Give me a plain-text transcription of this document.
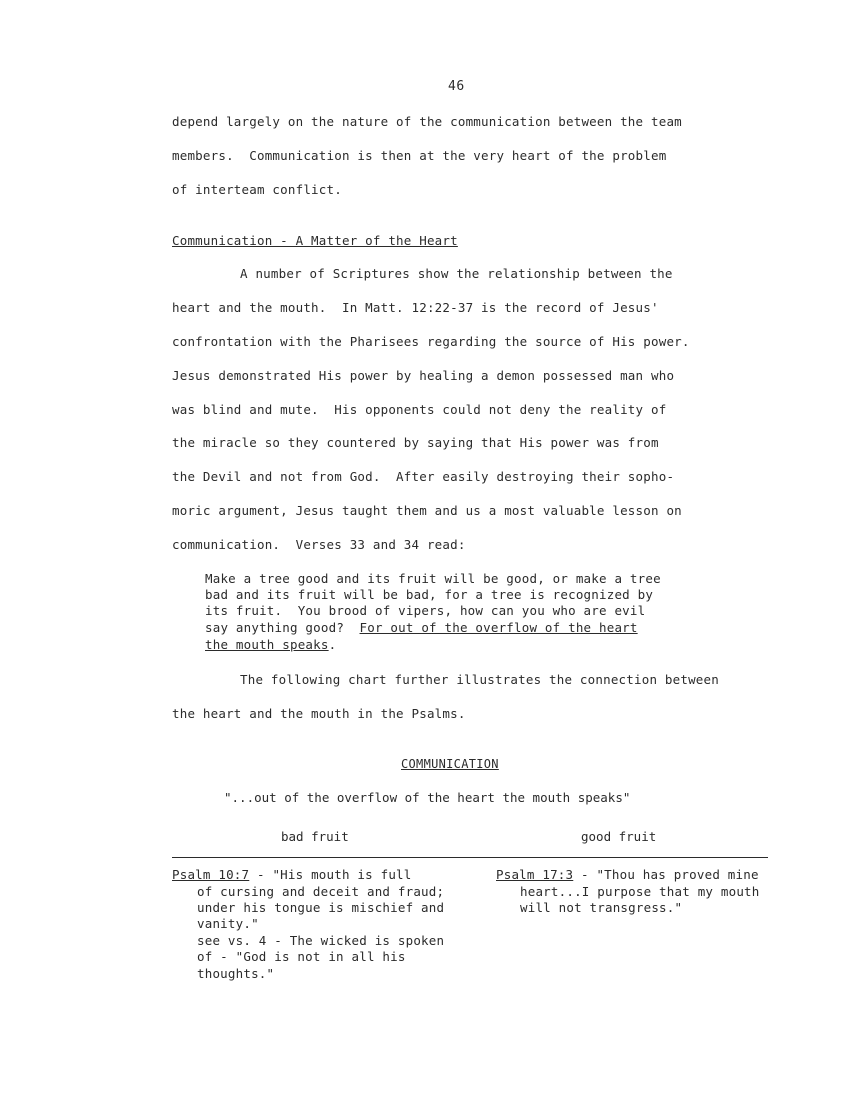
46
depend largely on the nature of the communication between the team
members.  Communication is then at the very heart of the problem
of interteam conflict.
Communication - A Matter of the Heart
A number of Scriptures show the relationship between the
heart and the mouth.  In Matt. 12:22-37 is the record of Jesus'
confrontation with the Pharisees regarding the source of His power.
Jesus demonstrated His power by healing a demon possessed man who
was blind and mute.  His opponents could not deny the reality of
the miracle so they countered by saying that His power was from
the Devil and not from God.  After easily destroying their sopho-
moric argument, Jesus taught them and us a most valuable lesson on
communication.  Verses 33 and 34 read:
Make a tree good and its fruit will be good, or make a tree
bad and its fruit will be bad, for a tree is recognized by
its fruit.  You brood of vipers, how can you who are evil
say anything good?  For out of the overflow of the heart
the mouth speaks.
The following chart further illustrates the connection between
the heart and the mouth in the Psalms.
COMMUNICATION
"...out of the overflow of the heart the mouth speaks"
bad fruit	good fruit
Psalm 10:7 - "His mouth is full
of cursing and deceit and fraud;
under his tongue is mischief and
vanity."
see vs. 4 - The wicked is spoken
of - "God is not in all his
thoughts."
Psalm 17:3 - "Thou has proved mine
heart...I purpose that my mouth
will not transgress."
